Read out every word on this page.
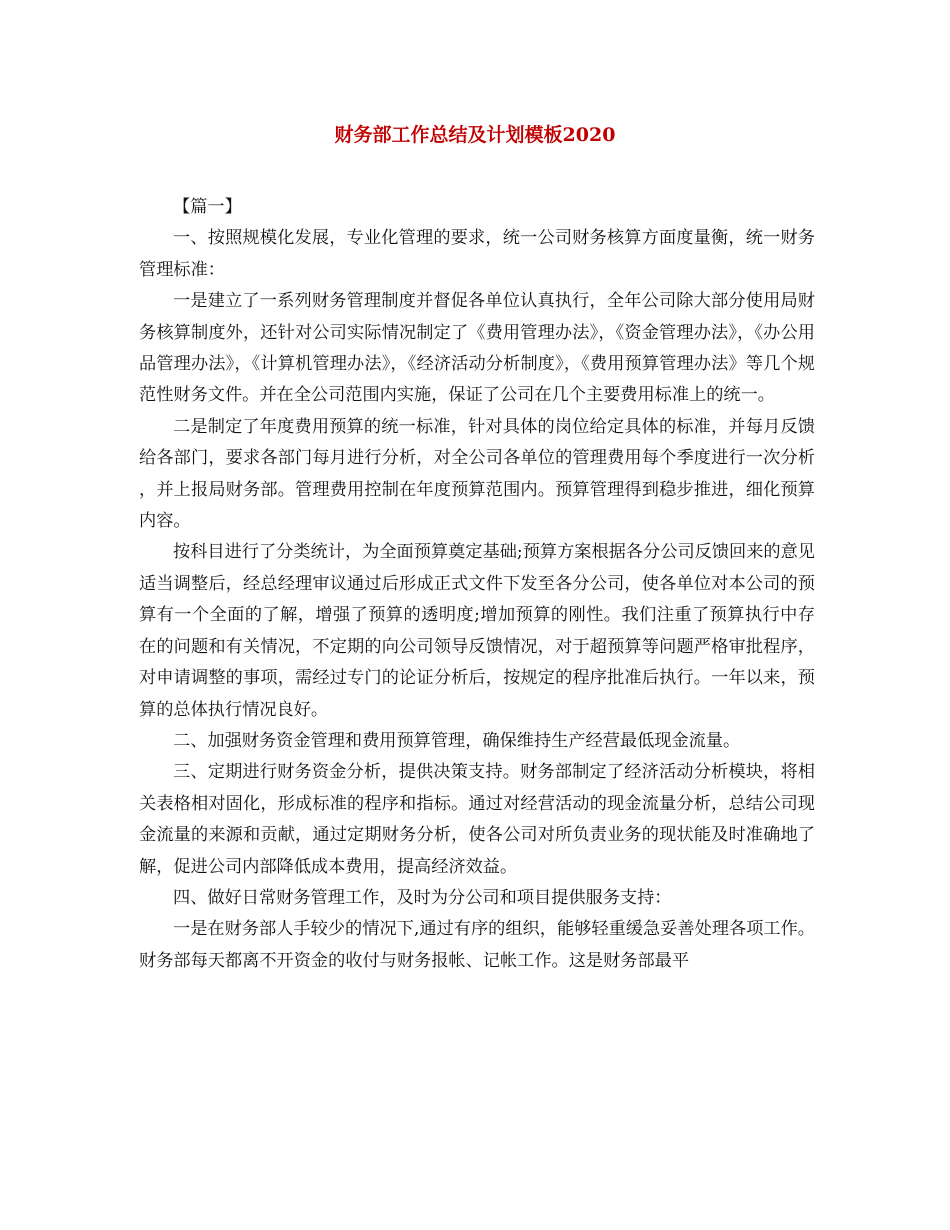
财务部工作总结及计划模板2020

【篇一】

一、按照规模化发展，专业化管理的要求，统一公司财务核算方面度量衡，统一财务管理标准：

一是建立了一系列财务管理制度并督促各单位认真执行，全年公司除大部分使用局财务核算制度外，还针对公司实际情况制定了《费用管理办法》，《资金管理办法》，《办公用品管理办法》，《计算机管理办法》，《经济活动分析制度》，《费用预算管理办法》等几个规范性财务文件。并在全公司范围内实施，保证了公司在几个主要费用标准上的统一。

二是制定了年度费用预算的统一标准，针对具体的岗位给定具体的标准，并每月反馈给各部门，要求各部门每月进行分析，对全公司各单位的管理费用每个季度进行一次分析，并上报局财务部。管理费用控制在年度预算范围内。预算管理得到稳步推进，细化预算内容。

按科目进行了分类统计，为全面预算奠定基础;预算方案根据各分公司反馈回来的意见适当调整后，经总经理审议通过后形成正式文件下发至各分公司，使各单位对本公司的预算有一个全面的了解，增强了预算的透明度;增加预算的刚性。我们注重了预算执行中存在的问题和有关情况，不定期的向公司领导反馈情况，对于超预算等问题严格审批程序，对申请调整的事项，需经过专门的论证分析后，按规定的程序批准后执行。一年以来，预算的总体执行情况良好。

二、加强财务资金管理和费用预算管理，确保维持生产经营最低现金流量。

三、定期进行财务资金分析，提供决策支持。财务部制定了经济活动分析模块，将相关表格相对固化，形成标准的程序和指标。通过对经营活动的现金流量分析，总结公司现金流量的来源和贡献，通过定期财务分析，使各公司对所负责业务的现状能及时准确地了解，促进公司内部降低成本费用，提高经济效益。

四、做好日常财务管理工作，及时为分公司和项目提供服务支持：

一是在财务部人手较少的情况下,通过有序的组织，能够轻重缓急妥善处理各项工作。财务部每天都离不开资金的收付与财务报帐、记帐工作。这是财务部最平
